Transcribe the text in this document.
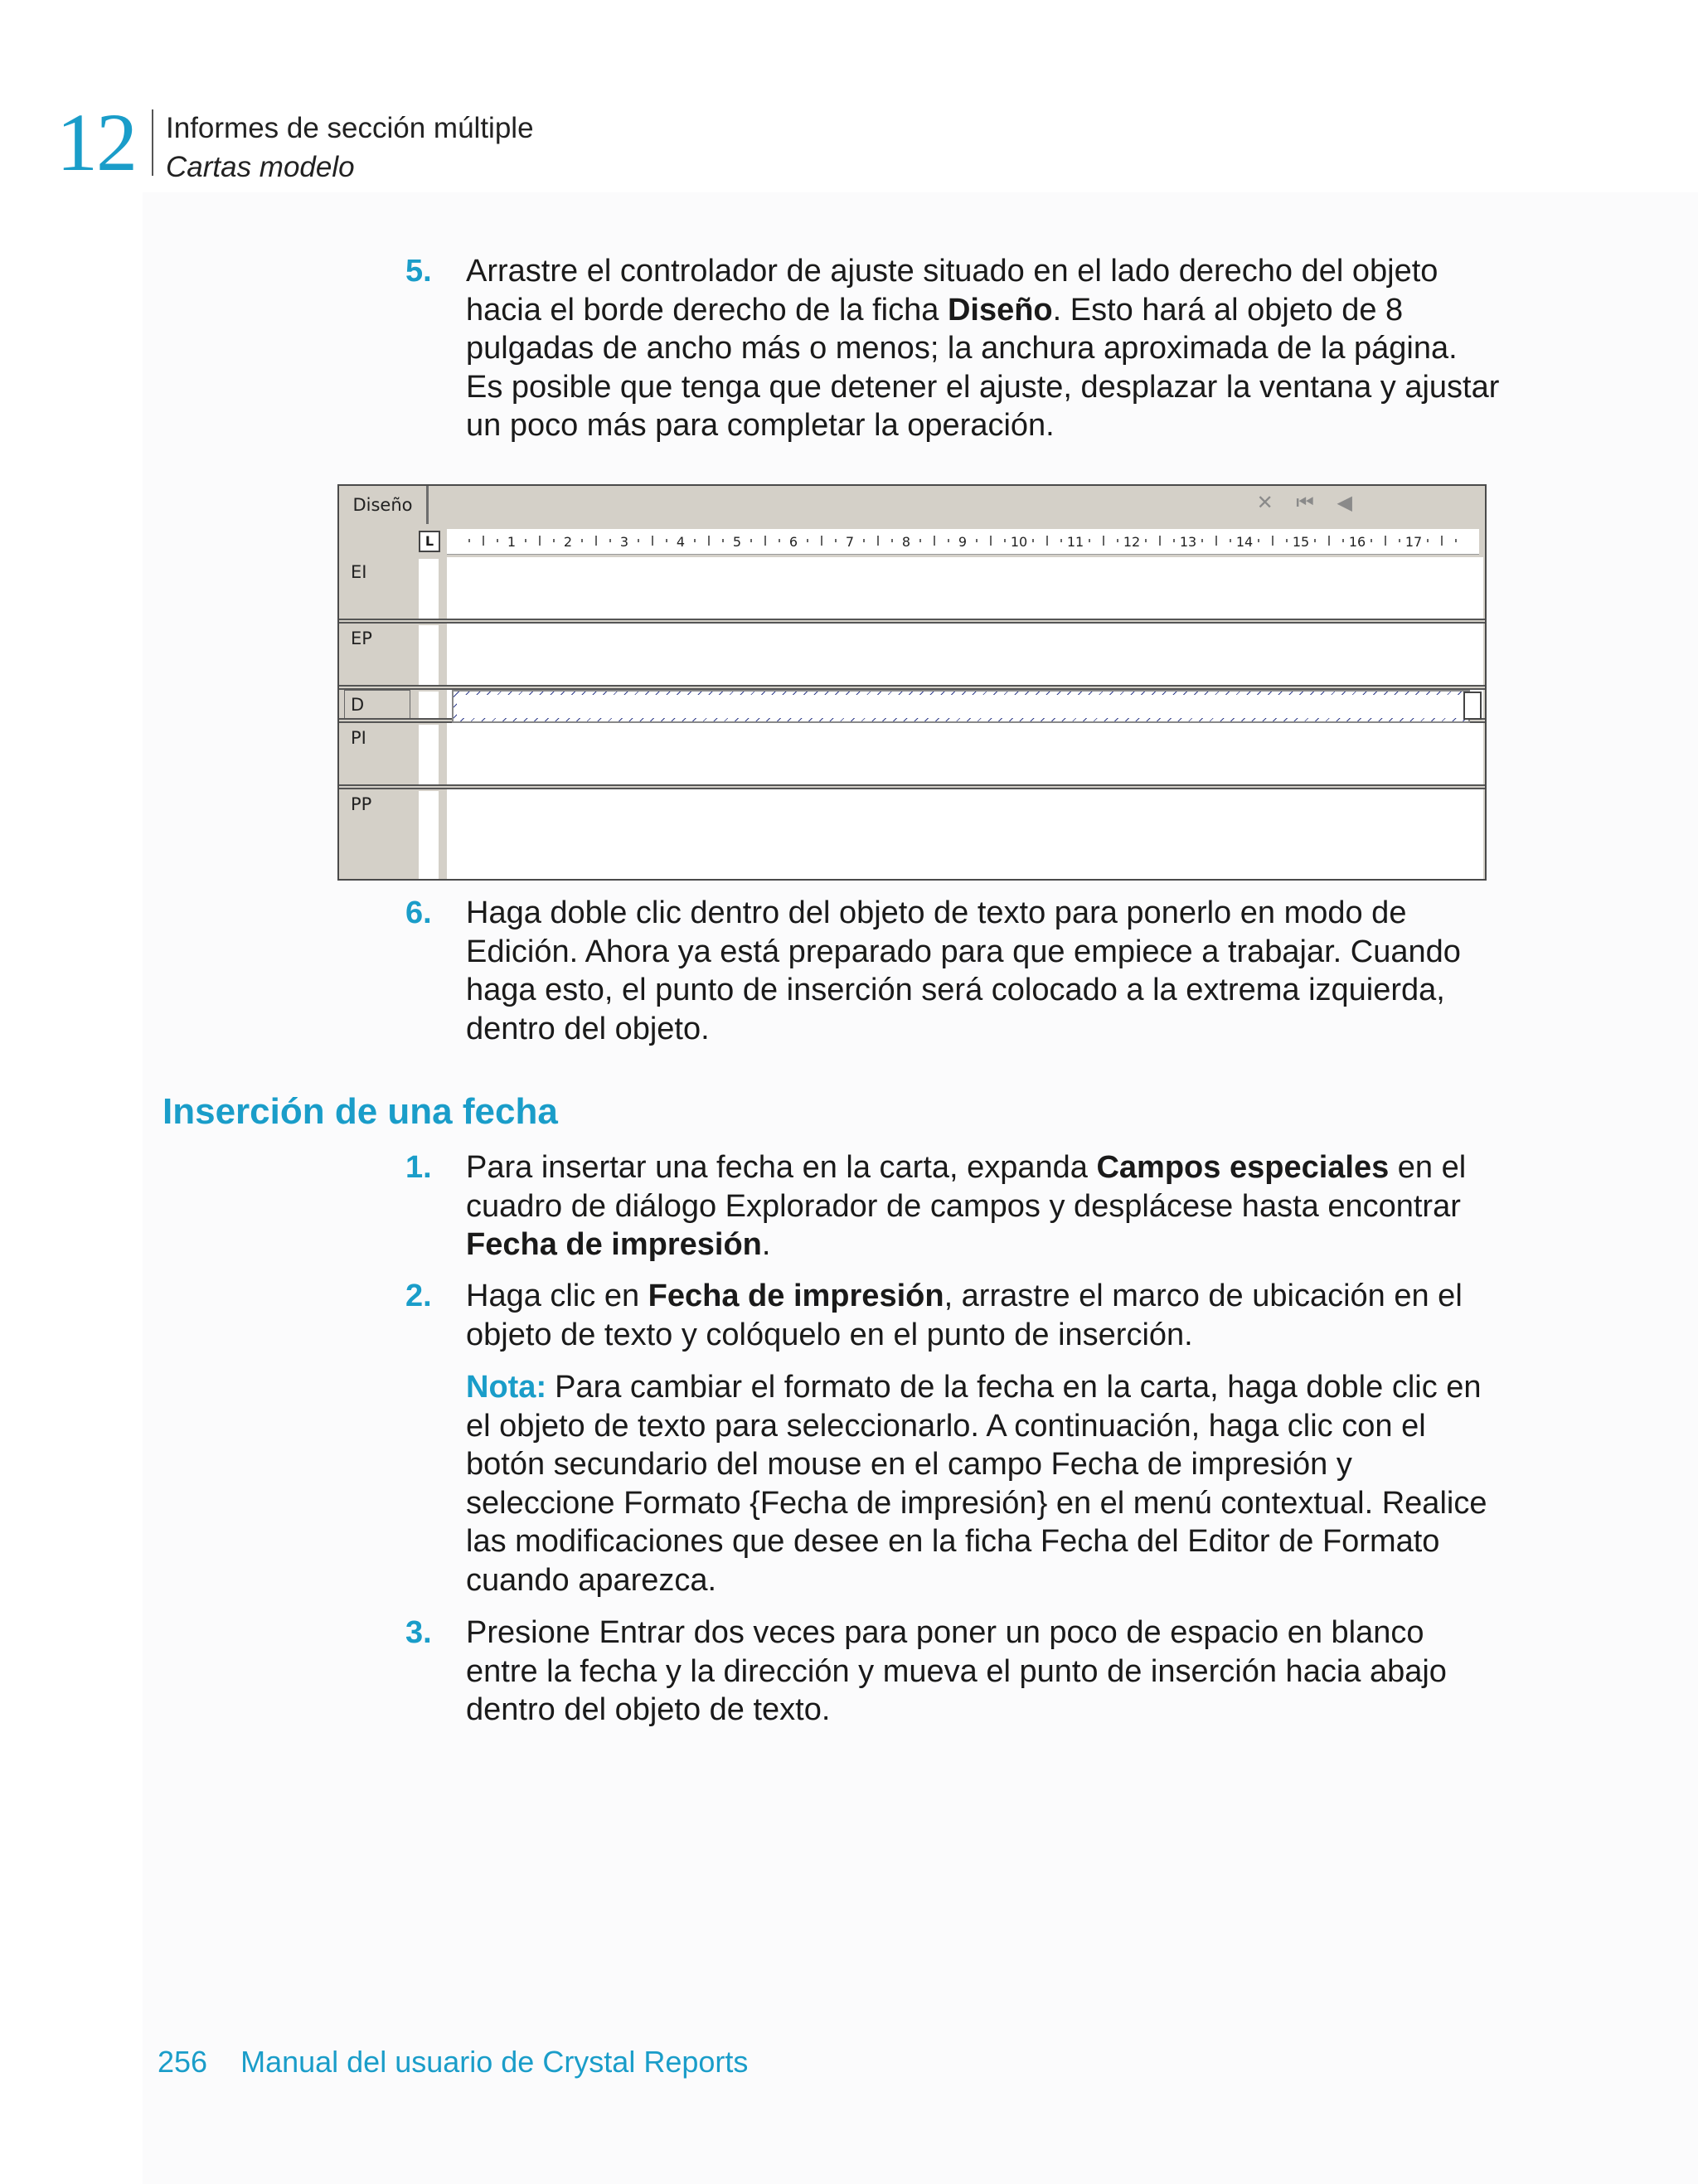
12 Informes de sección múltiple
Cartas modelo
5. Arrastre el controlador de ajuste situado en el lado derecho del objeto hacia el borde derecho de la ficha Diseño. Esto hará al objeto de 8 pulgadas de ancho más o menos; la anchura aproximada de la página. Es posible que tenga que detener el ajuste, desplazar la ventana y ajustar un poco más para completar la operación.
Diseño	✕ ⏮ ◀
L	1	2	3	4	5	6	7	8	9	10	11	12	13	14	15	16	17
EI
EP
D
PI
PP
6. Haga doble clic dentro del objeto de texto para ponerlo en modo de Edición. Ahora ya está preparado para que empiece a trabajar. Cuando haga esto, el punto de inserción será colocado a la extrema izquierda, dentro del objeto.
Inserción de una fecha
1. Para insertar una fecha en la carta, expanda Campos especiales en el cuadro de diálogo Explorador de campos y desplácese hasta encontrar Fecha de impresión.
2. Haga clic en Fecha de impresión, arrastre el marco de ubicación en el objeto de texto y colóquelo en el punto de inserción.
Nota: Para cambiar el formato de la fecha en la carta, haga doble clic en el objeto de texto para seleccionarlo. A continuación, haga clic con el botón secundario del mouse en el campo Fecha de impresión y seleccione Formato {Fecha de impresión} en el menú contextual. Realice las modificaciones que desee en la ficha Fecha del Editor de Formato cuando aparezca.
3. Presione Entrar dos veces para poner un poco de espacio en blanco entre la fecha y la dirección y mueva el punto de inserción hacia abajo dentro del objeto de texto.
256 Manual del usuario de Crystal Reports
